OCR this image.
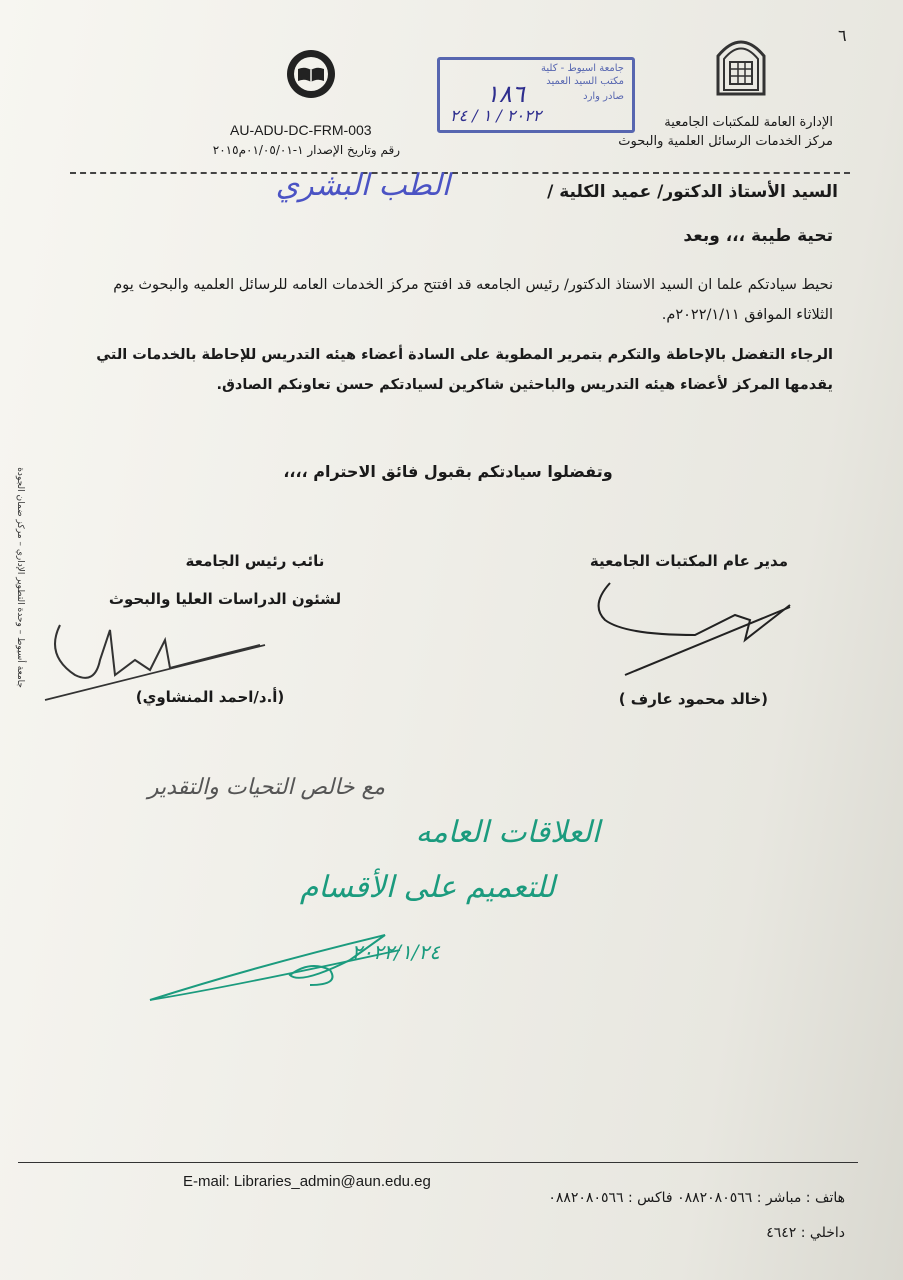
٦
جامعة اسيوط - كلية
مكتب السيد العميد
صادر وارد
١٨٦
٢٠٢٢ / ١ / ٢٤	الإدارة العامة للمكتبات الجامعية
مركز الخدمات الرسائل العلمية والبحوث
AU-ADU-DC-FRM-003
رقم وتاريخ الإصدار ١-٠١/٠٥/٠١م٢٠١٥
السيد الأستاذ الدكتور/ عميد الكلية /
الطب البشري
تحية طيبة ،،، وبعد
نحيط سيادتكم علما ان السيد الاستاذ الدكتور/ رئيس الجامعه قد افتتح مركز الخدمات العامه للرسائل العلميه والبحوث يوم الثلاثاء الموافق ٢٠٢٢/١/١١م.
الرجاء التفضل بالإحاطة والتكرم بتمرير المطوية على السادة أعضاء هيئه التدريس للإحاطة بالخدمات التي يقدمها المركز لأعضاء هيئه التدريس والباحثين شاكرين لسيادتكم حسن تعاونكم الصادق.
وتفضلوا سيادتكم بقبول فائق الاحترام ،،،،
مدير عام المكتبات الجامعية
(خالد محمود عارف )
نائب رئيس الجامعة
لشئون الدراسات العليا والبحوث
(أ.د/احمد المنشاوي)
جامعة أسيوط – وحدة التطوير الإداري – مركز ضمان الجودة
مع خالص التحيات والتقدير
العلاقات العامه
للتعميم على الأقسام
٢٠٢٢/١/٢٤
E-mail: Libraries_admin@aun.edu.eg
هاتف : مباشر : ٠٨٨٢٠٨٠٥٦٦ فاكس : ٠٨٨٢٠٨٠٥٦٦
داخلي : ٤٦٤٢
